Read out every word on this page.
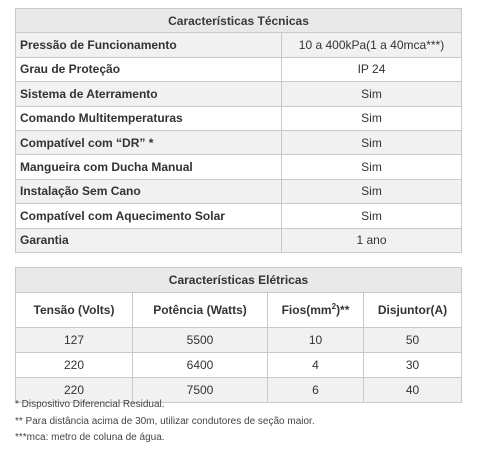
Características Técnicas	
Pressão de Funcionamento	10 a 400kPa(1 a 40mca***)
Grau de Proteção	IP 24
Sistema de Aterramento	Sim
Comando Multitemperaturas	Sim
Compatível com “DR” *	Sim
Mangueira com Ducha Manual	Sim
Instalação Sem Cano	Sim
Compatível com Aquecimento Solar	Sim
Garantia	1 ano
Características Elétricas			
Tensão (Volts)	Potência (Watts)	$Fios(mm^2)**$	Disjuntor(A)
127	5500	10	50
220	6400	4	30
220	7500	6	40
* Dispositivo Diferencial Residual.
** Para distância acima de 30m, utilizar condutores de seção maior.
***mca: metro de coluna de água.
